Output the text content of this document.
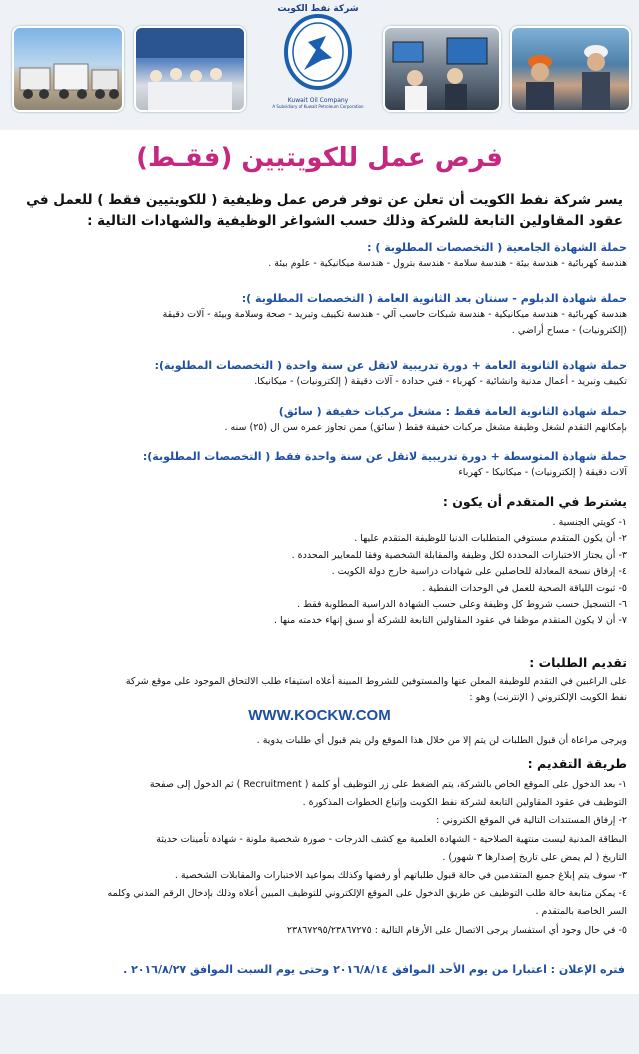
شركة نفط الكويت
Kuwait Oil Company
A Subsidiary of Kuwait Petroleum Corporation
فرص عمل للكويتيين (فقـط)
يسر شركة نفط الكويت أن تعلن عن توفر فرص عمل وظيفية ( للكويتيين فقط ) للعمل في
عقود المقاولين التابعة للشركة وذلك حسب الشواغر الوظيفية والشهادات التالية :
حملة الشهادة الجامعية ( التخصصات المطلوبة ) :
هندسة كهربائية - هندسة بيئة - هندسة سلامة - هندسة بترول - هندسة ميكانيكية - علوم بيئة .
حملة شهادة الدبلوم - سنتان بعد الثانوية العامة ( التخصصات المطلوبة ):
هندسة كهربائية - هندسة ميكانيكية - هندسة شبكات حاسب آلي - هندسة تكييف وتبريد - صحة وسلامة وبيئة - آلات دقيقة
(إلكترونيات) - مساح أراضي .
حملة شهادة الثانوية العامة + دورة تدريبية لاتقل عن سنة واحدة ( التخصصات المطلوبة):
تكييف وتبريد - أعمال مدنية وانشائية - كهرباء - فني حدادة - آلات دقيقة ( إلكترونيات) - ميكانيكا.
حملة شهادة الثانوية العامة فقط : مشغل مركبات خفيفة ( سائق)
بإمكانهم التقدم لشغل وظيفة مشغل مركبات خفيفة فقط ( سائق) ممن تجاوز عمره سن ال (٢٥) سنه .
حملة شهادة المتوسطة + دورة تدريبية لاتقل عن سنة واحدة فقط ( التخصصات المطلوبة):
آلات دقيقة ( إلكترونيات) - ميكانيكا - كهرباء
يشترط في المتقدم أن يكون :
١- كويتي الجنسية .
٢- أن يكون المتقدم مستوفي المتطلبات الدنيا للوظيفة المتقدم عليها .
٣- أن يجتاز الاختبارات المحددة لكل وظيفة والمقابلة الشخصية وفقا للمعايير المحددة .
٤- إرفاق نسخة المعادلة للحاصلين على شهادات دراسية خارج دولة الكويت .
٥- ثبوت اللياقة الصحية للعمل في الوحدات النفطية .
٦- التسجيل حسب شروط كل وظيفة وعلى حسب الشهادة الدراسية المطلوبة فقط .
٧- أن لا يكون المتقدم موظفا في عقود المقاولين التابعة للشركة أو سبق إنهاء خدمته منها .
تقديم الطلبات :
على الراغبين في التقدم للوظيفة المعلن عنها والمستوفين للشروط المبينة أعلاه استيفاء طلب الالتحاق الموجود على موقع شركة
نفط الكويت الإلكتروني ( الإنترنت) وهو :
WWW.KOCKW.COM
ويرجى مراعاة أن قبول الطلبات لن يتم إلا من خلال هذا الموقع ولن يتم قبول أي طلبات يدوية .
طريقة التقديم :
١- بعد الدخول على الموقع الخاص بالشركة، يتم الضغط على زر التوظيف أو كلمة ( Recruitment ) ثم الدخول إلى صفحة
التوظيف في عقود المقاولين التابعة لشركة نفط الكويت وإتباع الخطوات المذكورة .
٢- إرفاق المستندات التالية في الموقع الكتروني :
البطاقة المدنية ليست منتهية الصلاحية - الشهادة العلمية مع كشف الدرجات - صورة شخصية ملونة - شهادة تأمينات حديثة
التاريخ ( لم يمض على تاريخ إصدارها ٣ شهور) .
٣- سوف يتم إبلاغ جميع المتقدمين في حالة قبول طلباتهم أو رفضها وكذلك بمواعيد الاختبارات والمقابلات الشخصية .
٤- يمكن متابعة حالة طلب التوظيف عن طريق الدخول على الموقع الإلكتروني للتوظيف المبين أعلاه وذلك بإدخال الرقم المدني وكلمه
السر الخاصة بالمتقدم .
٥- في حال وجود أي استفسار يرجى الاتصال على الأرقام التالية : ٢٣٨٦٧٢٩٥/٢٣٨٦٧٢٧٥
فتره الإعلان : اعتبارا من يوم الأحد الموافق ٢٠١٦/٨/١٤ وحتى يوم السبت الموافق ٢٠١٦/٨/٢٧ .
